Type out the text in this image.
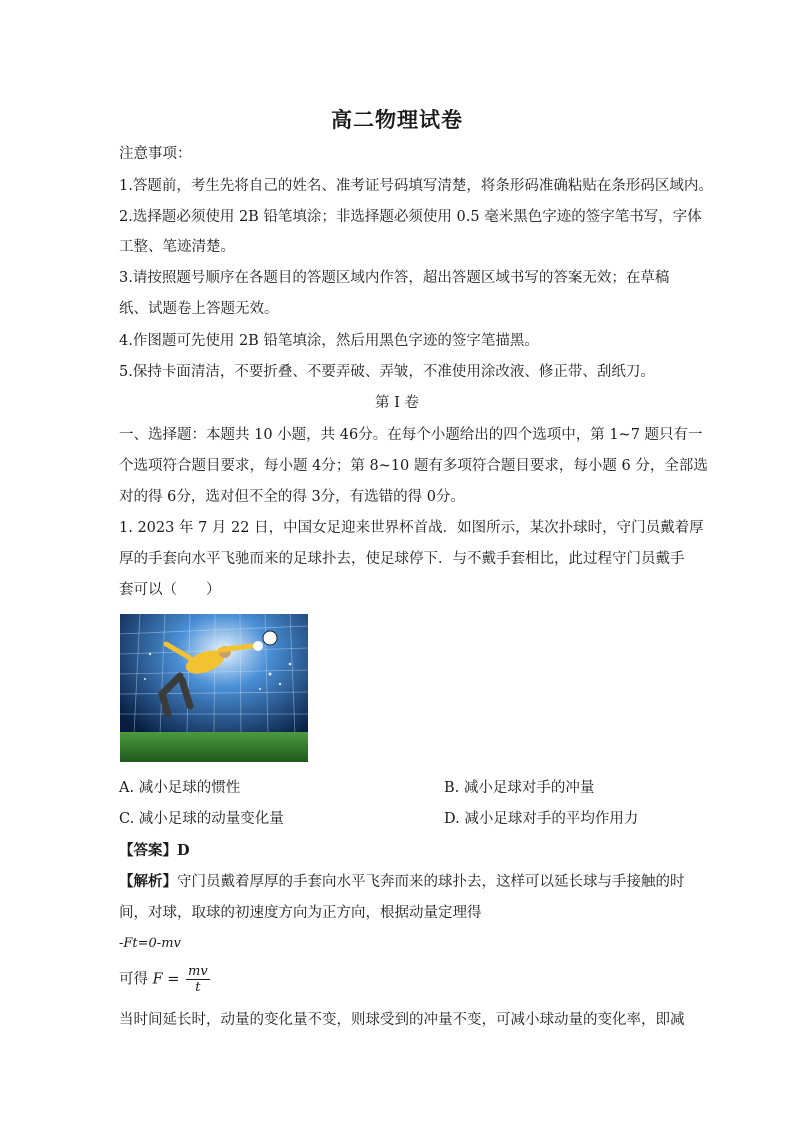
高二物理试卷
注意事项：
1.答题前，考生先将自己的姓名、准考证号码填写清楚，将条形码准确粘贴在条形码区域内。
2.选择题必须使用 2B 铅笔填涂；非选择题必须使用 0.5 毫米黑色字迹的签字笔书写，字体
工整、笔迹清楚。
3.请按照题号顺序在各题目的答题区域内作答，超出答题区域书写的答案无效；在草稿
纸、试题卷上答题无效。
4.作图题可先使用 2B 铅笔填涂，然后用黑色字迹的签字笔描黑。
5.保持卡面清洁，不要折叠、不要弄破、弄皱，不准使用涂改液、修正带、刮纸刀。
第 I 卷
一、选择题：本题共 10 小题，共 46分。在每个小题给出的四个选项中，第 1~7 题只有一
个选项符合题目要求，每小题 4分；第 8~10 题有多项符合题目要求，每小题 6 分，全部选
对的得 6分，选对但不全的得 3分，有选错的得 0分。
1. 2023 年 7 月 22 日，中国女足迎来世界杯首战．如图所示，某次扑球时，守门员戴着厚
厚的手套向水平飞驰而来的足球扑去，使足球停下．与不戴手套相比，此过程守门员戴手
套可以（　　）
A. 减小足球的惯性	B. 减小足球对手的冲量
C. 减小足球的动量变化量	D. 减小足球对手的平均作用力
【答案】D
【解析】守门员戴着厚厚的手套向水平飞奔而来的球扑去，这样可以延长球与手接触的时
间，对球，取球的初速度方向为正方向，根据动量定理得
-Ft=0-mv
可得 $F = \frac{mv}{t}$
当时间延长时，动量的变化量不变，则球受到的冲量不变，可减小球动量的变化率，即减
